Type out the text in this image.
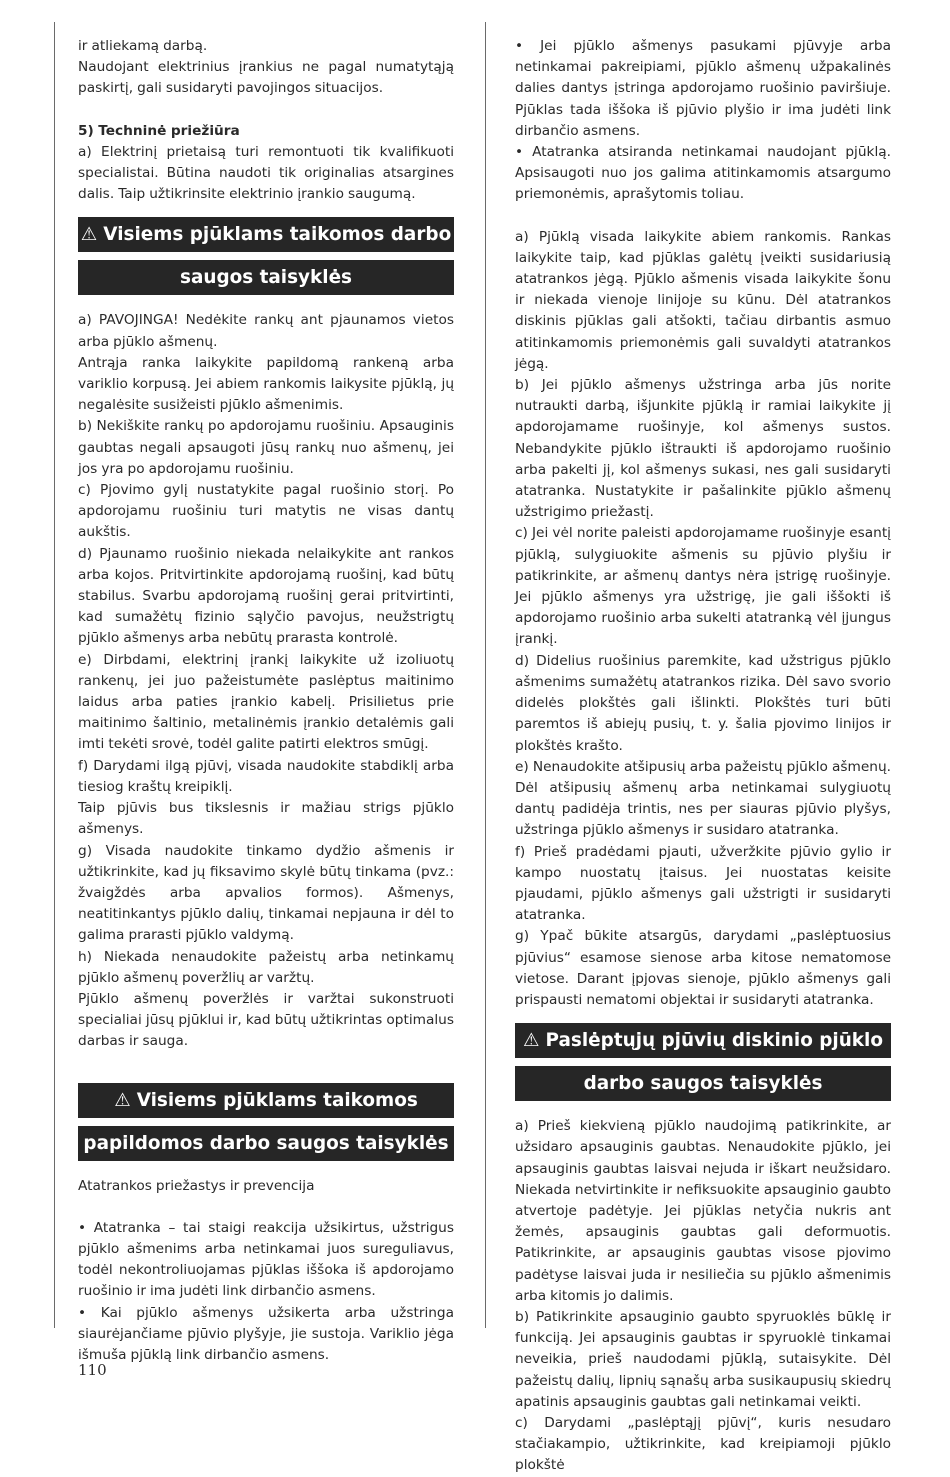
ir atliekamą darbą.

Naudojant elektrinius įrankius ne pagal numatytąją paskirtį, gali susidaryti pavojingos situacijos.

5) Techninė priežiūra

a) Elektrinį prietaisą turi remontuoti tik kvalifikuoti specialistai. Būtina naudoti tik originalias atsargines dalis. Taip užtikrinsite elektrinio įrankio saugumą.

⚠ Visiems pjūklams taikomos darbo
saugos taisyklės

a) PAVOJINGA! Nedėkite rankų ant pjaunamos vietos arba pjūklo ašmenų.

Antrąja ranka laikykite papildomą rankeną arba variklio korpusą. Jei abiem rankomis laikysite pjūklą, jų negalėsite susižeisti pjūklo ašmenimis.

b) Nekiškite rankų po apdorojamu ruošiniu. Apsauginis gaubtas negali apsaugoti jūsų rankų nuo ašmenų, jei jos yra po apdorojamu ruošiniu.

c) Pjovimo gylį nustatykite pagal ruošinio storį. Po apdorojamu ruošiniu turi matytis ne visas dantų aukštis.

d) Pjaunamo ruošinio niekada nelaikykite ant rankos arba kojos. Pritvirtinkite apdorojamą ruošinį, kad būtų stabilus. Svarbu apdorojamą ruošinį gerai pritvirtinti, kad sumažėtų fizinio sąlyčio pavojus, neužstrigtų pjūklo ašmenys arba nebūtų prarasta kontrolė.

e) Dirbdami, elektrinį įrankį laikykite už izoliuotų rankenų, jei juo pažeistumėte paslėptus maitinimo laidus arba paties įrankio kabelį. Prisilietus prie maitinimo šaltinio, metalinėmis įrankio detalėmis gali imti tekėti srovė, todėl galite patirti elektros smūgį.

f) Darydami ilgą pjūvį, visada naudokite stabdiklį arba tiesiog kraštų kreipiklį.

Taip pjūvis bus tikslesnis ir mažiau strigs pjūklo ašmenys.

g) Visada naudokite tinkamo dydžio ašmenis ir užtikrinkite, kad jų fiksavimo skylė būtų tinkama (pvz.: žvaigždės arba apvalios formos). Ašmenys, neatitinkantys pjūklo dalių, tinkamai nepjauna ir dėl to galima prarasti pjūklo valdymą.

h) Niekada nenaudokite pažeistų arba netinkamų pjūklo ašmenų poveržlių ar varžtų.

Pjūklo ašmenų poveržlės ir varžtai sukonstruoti specialiai jūsų pjūklui ir, kad būtų užtikrintas optimalus darbas ir sauga.

⚠ Visiems pjūklams taikomos
papildomos darbo saugos taisyklės

Atatrankos priežastys ir prevencija

• Atatranka – tai staigi reakcija užsikirtus, užstrigus pjūklo ašmenims arba netinkamai juos sureguliavus, todėl nekontroliuojamas pjūklas iššoka iš apdorojamo ruošinio ir ima judėti link dirbančio asmens.

• Kai pjūklo ašmenys užsikerta arba užstringa siaurėjančiame pjūvio plyšyje, jie sustoja. Variklio jėga išmuša pjūklą link dirbančio asmens.

• Jei pjūklo ašmenys pasukami pjūvyje arba netinkamai pakreipiami, pjūklo ašmenų užpakalinės dalies dantys įstringa apdorojamo ruošinio paviršiuje. Pjūklas tada iššoka iš pjūvio plyšio ir ima judėti link dirbančio asmens.

• Atatranka atsiranda netinkamai naudojant pjūklą. Apsisaugoti nuo jos galima atitinkamomis atsargumo priemonėmis, aprašytomis toliau.

a) Pjūklą visada laikykite abiem rankomis. Rankas laikykite taip, kad pjūklas galėtų įveikti susidariusią atatrankos jėgą. Pjūklo ašmenis visada laikykite šonu ir niekada vienoje linijoje su kūnu. Dėl atatrankos diskinis pjūklas gali atšokti, tačiau dirbantis asmuo atitinkamomis priemonėmis gali suvaldyti atatrankos jėgą.

b) Jei pjūklo ašmenys užstringa arba jūs norite nutraukti darbą, išjunkite pjūklą ir ramiai laikykite jį apdorojamame ruošinyje, kol ašmenys sustos. Nebandykite pjūklo ištraukti iš apdorojamo ruošinio arba pakelti jį, kol ašmenys sukasi, nes gali susidaryti atatranka. Nustatykite ir pašalinkite pjūklo ašmenų užstrigimo priežastį.

c) Jei vėl norite paleisti apdorojamame ruošinyje esantį pjūklą, sulygiuokite ašmenis su pjūvio plyšiu ir patikrinkite, ar ašmenų dantys nėra įstrigę ruošinyje. Jei pjūklo ašmenys yra užstrigę, jie gali iššokti iš apdorojamo ruošinio arba sukelti atatranką vėl įjungus įrankį.

d) Didelius ruošinius paremkite, kad užstrigus pjūklo ašmenims sumažėtų atatrankos rizika. Dėl savo svorio didelės plokštės gali išlinkti. Plokštės turi būti paremtos iš abiejų pusių, t. y. šalia pjovimo linijos ir plokštės krašto.

e) Nenaudokite atšipusių arba pažeistų pjūklo ašmenų. Dėl atšipusių ašmenų arba netinkamai sulygiuotų dantų padidėja trintis, nes per siauras pjūvio plyšys, užstringa pjūklo ašmenys ir susidaro atatranka.

f) Prieš pradėdami pjauti, užveržkite pjūvio gylio ir kampo nuostatų įtaisus. Jei nuostatas keisite pjaudami, pjūklo ašmenys gali užstrigti ir susidaryti atatranka.

g) Ypač būkite atsargūs, darydami „paslėptuosius pjūvius“ esamose sienose arba kitose nematomose vietose. Darant įpjovas sienoje, pjūklo ašmenys gali prispausti nematomi objektai ir susidaryti atatranka.

⚠ Paslėptųjų pjūvių diskinio pjūklo
darbo saugos taisyklės

a) Prieš kiekvieną pjūklo naudojimą patikrinkite, ar užsidaro apsauginis gaubtas. Nenaudokite pjūklo, jei apsauginis gaubtas laisvai nejuda ir iškart neužsidaro. Niekada netvirtinkite ir nefiksuokite apsauginio gaubto atvertoje padėtyje. Jei pjūklas netyčia nukris ant žemės, apsauginis gaubtas gali deformuotis. Patikrinkite, ar apsauginis gaubtas visose pjovimo padėtyse laisvai juda ir nesiliečia su pjūklo ašmenimis arba kitomis jo dalimis.

b) Patikrinkite apsauginio gaubto spyruoklės būklę ir funkciją. Jei apsauginis gaubtas ir spyruoklė tinkamai neveikia, prieš naudodami pjūklą, sutaisykite. Dėl pažeistų dalių, lipnių sąnašų arba susikaupusių skiedrų apatinis apsauginis gaubtas gali netinkamai veikti.

c) Darydami „paslėptąjį pjūvį“, kuris nesudaro stačiakampio, užtikrinkite, kad kreipiamoji pjūklo plokštė

110
